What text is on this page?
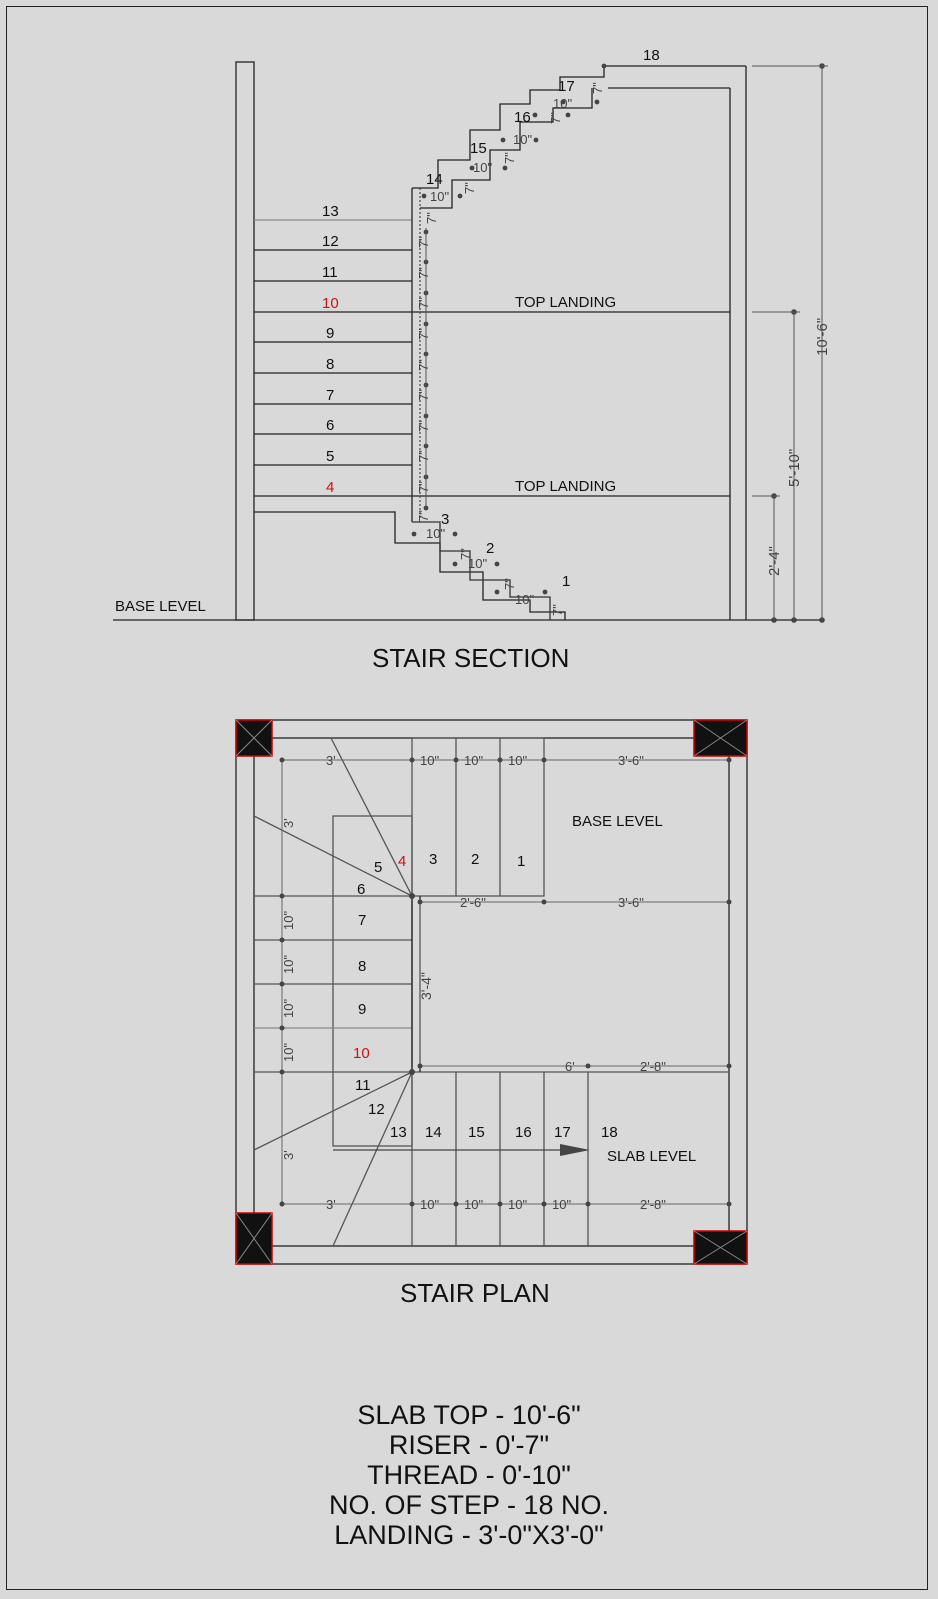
7"
7"
7"
7"
7"
7"
7"
7"
7"
7"
7"
7"
7"
7"
7"
7"
7"
7"
10"
10"
10"
10"
10"
10"
10"
1
2
3
4
5
6
7
8
9
10
11
12
13
14
15
16
17
18
BASE LEVEL
TOP LANDING
TOP LANDING
10'-6"
5'-10"
2'-4"
STAIR SECTION
3'	10" 10" 10"	3'-6"
2'-6"	3'-6"
6'	2'-8"
3'	10" 10" 10" 10"	2'-8"
3'
10"
10"
10"
10"
3'
3'-4"
1
2
3
4
5
6
7
8
9
10
11
12
13 14 15 16 17 18
BASE LEVEL
SLAB LEVEL
STAIR PLAN
SLAB TOP - 10'-6"
RISER - 0'-7"
THREAD - 0'-10"
NO. OF STEP - 18 NO.
LANDING - 3'-0"X3'-0"
